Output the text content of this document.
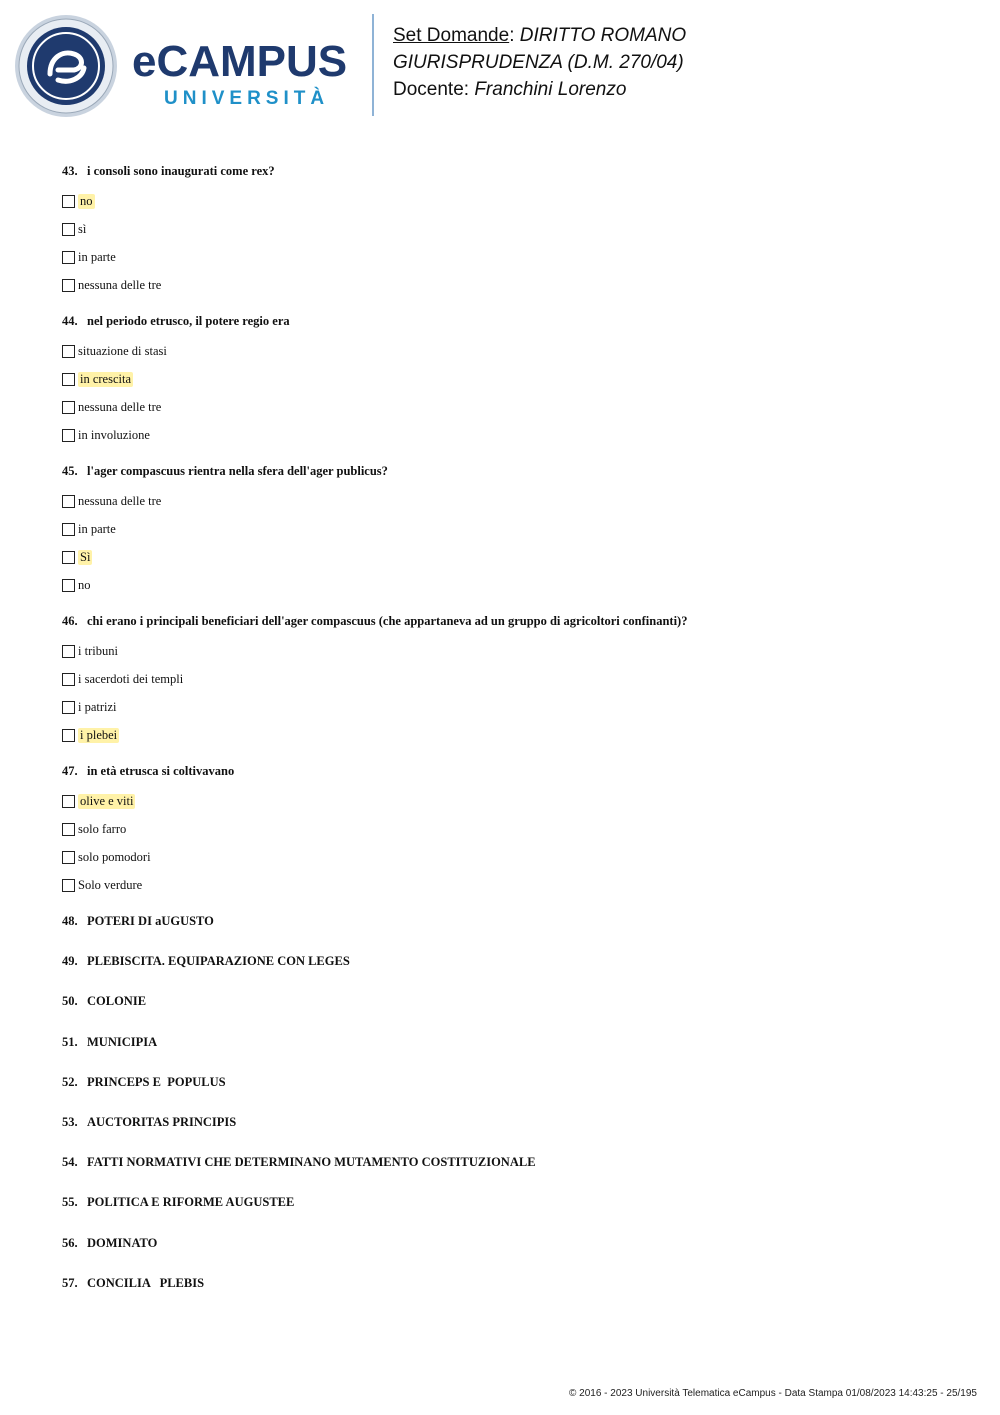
eCAMPUS
UNIVERSITÀ
Set Domande: DIRITTO ROMANO
GIURISPRUDENZA (D.M. 270/04)
Docente: Franchini Lorenzo
43. i consoli sono inaugurati come rex?
no
sì
in parte
nessuna delle tre
44. nel periodo etrusco, il potere regio era
situazione di stasi
in crescita
nessuna delle tre
in involuzione
45. l'ager compascuus rientra nella sfera dell'ager publicus?
nessuna delle tre
in parte
Sì
no
46. chi erano i principali beneficiari dell'ager compascuus (che appartaneva ad un gruppo di agricoltori confinanti)?
i tribuni
i sacerdoti dei templi
i patrizi
i plebei
47. in età etrusca si coltivavano
olive e viti
solo farro
solo pomodori
Solo verdure
48. POTERI DI aUGUSTO
49. PLEBISCITA. EQUIPARAZIONE CON LEGES
50. COLONIE
51. MUNICIPIA
52. PRINCEPS E  POPULUS
53. AUCTORITAS PRINCIPIS
54. FATTI NORMATIVI CHE DETERMINANO MUTAMENTO COSTITUZIONALE
55. POLITICA E RIFORME AUGUSTEE
56. DOMINATO
57. CONCILIA   PLEBIS
© 2016 - 2023 Università Telematica eCampus - Data Stampa 01/08/2023 14:43:25 - 25/195
